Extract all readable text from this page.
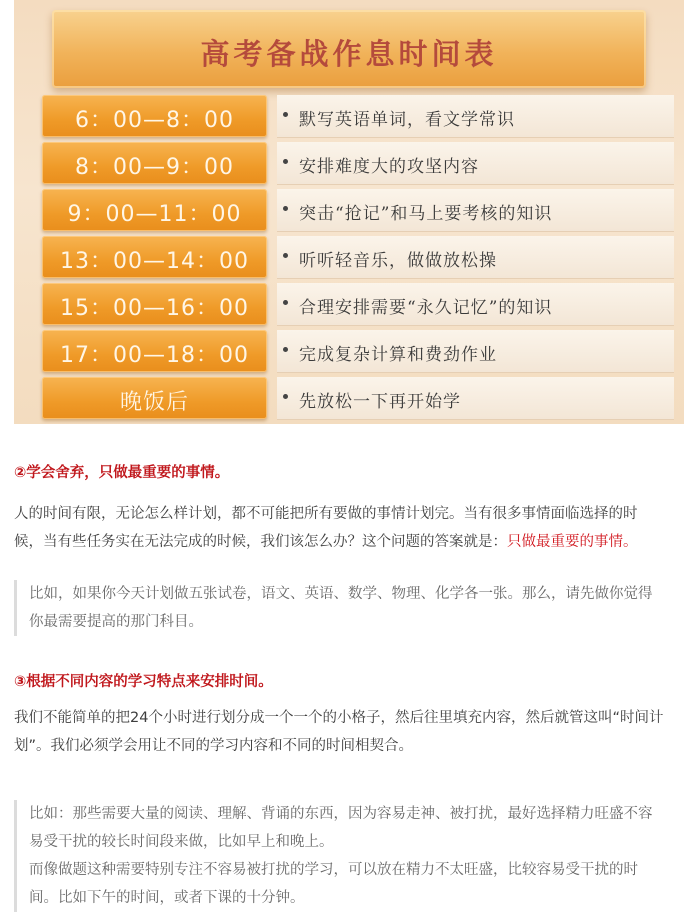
高考备战作息时间表
6：00—8：00	默写英语单词，看文学常识
8：00—9：00	安排难度大的攻坚内容
9：00—11：00	突击“抢记”和马上要考核的知识
13：00—14：00	听听轻音乐，做做放松操
15：00—16：00	合理安排需要“永久记忆”的知识
17：00—18：00	完成复杂计算和费劲作业
晚饭后	先放松一下再开始学
②学会舍弃，只做最重要的事情。
人的时间有限，无论怎么样计划，都不可能把所有要做的事情计划完。当有很多事情面临选择的时
候，当有些任务实在无法完成的时候，我们该怎么办？这个问题的答案就是：只做最重要的事情。
比如，如果你今天计划做五张试卷，语文、英语、数学、物理、化学各一张。那么，请先做你觉得
你最需要提高的那门科目。
③根据不同内容的学习特点来安排时间。
我们不能简单的把24个小时进行划分成一个一个的小格子，然后往里填充内容，然后就管这叫“时间计
划”。我们必须学会用让不同的学习内容和不同的时间相契合。
比如：那些需要大量的阅读、理解、背诵的东西，因为容易走神、被打扰，最好选择精力旺盛不容
易受干扰的较长时间段来做，比如早上和晚上。
而像做题这种需要特别专注不容易被打扰的学习，可以放在精力不太旺盛，比较容易受干扰的时
间。比如下午的时间，或者下课的十分钟。
